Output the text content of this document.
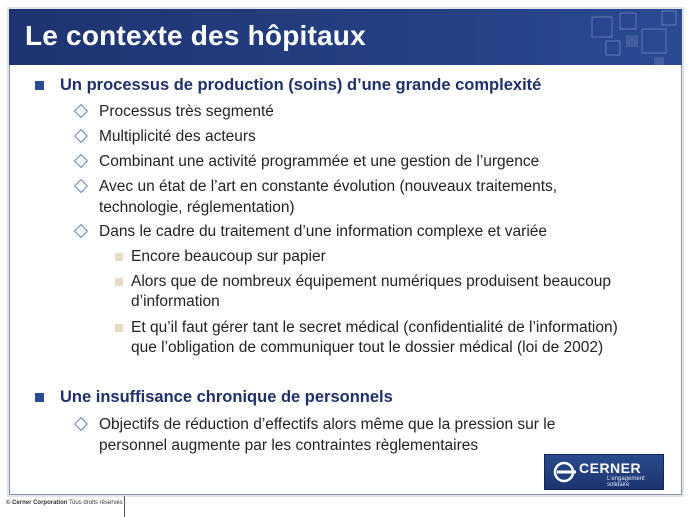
Le contexte des hôpitaux
Un processus de production (soins) d’une grande complexité
Processus très segmenté
Multiplicité des acteurs
Combinant une activité programmée et une gestion de l’urgence
Avec un état de l’art en constante évolution (nouveaux traitements,
technologie, réglementation)
Dans le cadre du traitement d’une information complexe et variée
Encore beaucoup sur papier
Alors que de nombreux équipement numériques produisent beaucoup
d’information
Et qu’il faut gérer tant le secret médical (confidentialité de l’information)
que l’obligation de communiquer tout le dossier médical (loi de 2002)
Une insuffisance chronique de personnels
Objectifs de réduction d’effectifs alors même que la pression sur le
personnel augmente par les contraintes règlementaires
CERNER
L’engagement solidaire
© Cerner Corporation Tous droits réservés
